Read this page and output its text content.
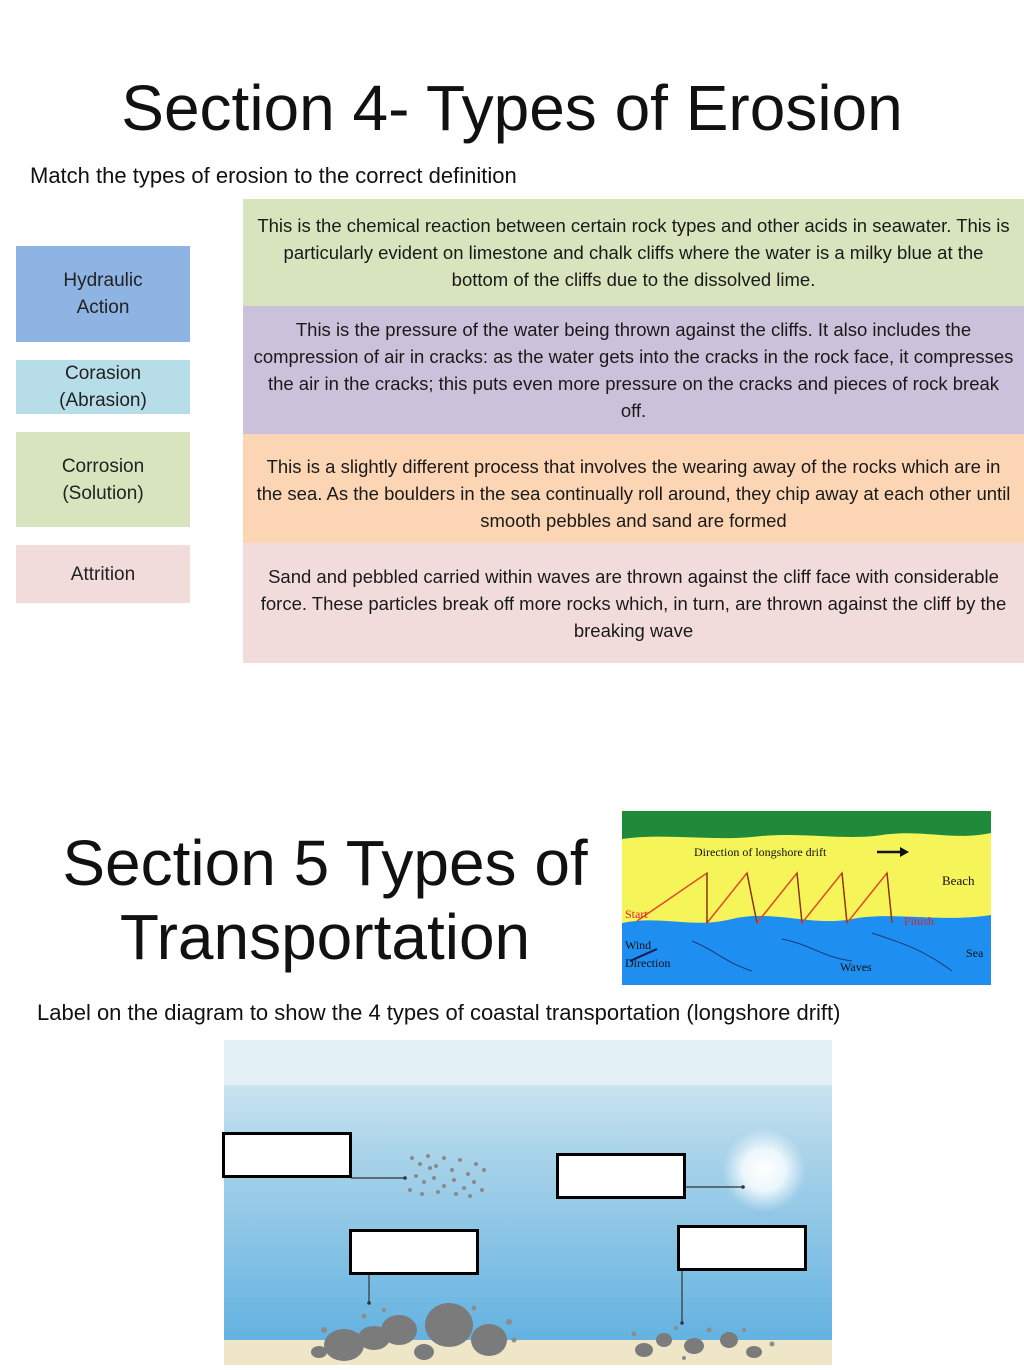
Section 4- Types of Erosion
Match the types of erosion to the correct definition
Hydraulic Action
Corasion (Abrasion)
Corrosion (Solution)
Attrition
This is the chemical reaction between certain rock types and other acids in seawater. This is particularly evident on limestone and chalk cliffs where the water is a milky blue at the bottom of the cliffs due to the dissolved lime.
This is the pressure of the water being thrown against the cliffs. It also includes the compression of air in cracks: as the water gets into the cracks in the rock face, it compresses the air in the cracks; this puts even more pressure on the cracks and pieces of rock break off.
This is a slightly different process that involves the wearing away of the rocks which are in the sea. As the boulders in the sea continually roll around, they chip away at each other until smooth pebbles and sand are formed
Sand and pebbled carried within waves are thrown against the cliff face with considerable force. These particles break off more rocks which, in turn, are thrown against the cliff by the breaking wave
Section 5 Types of Transportation
Direction of longshore drift
Beach
Start	Finish
Wind
Direction	Waves
Sea
Label on the diagram to show the 4 types of coastal transportation (longshore drift)
